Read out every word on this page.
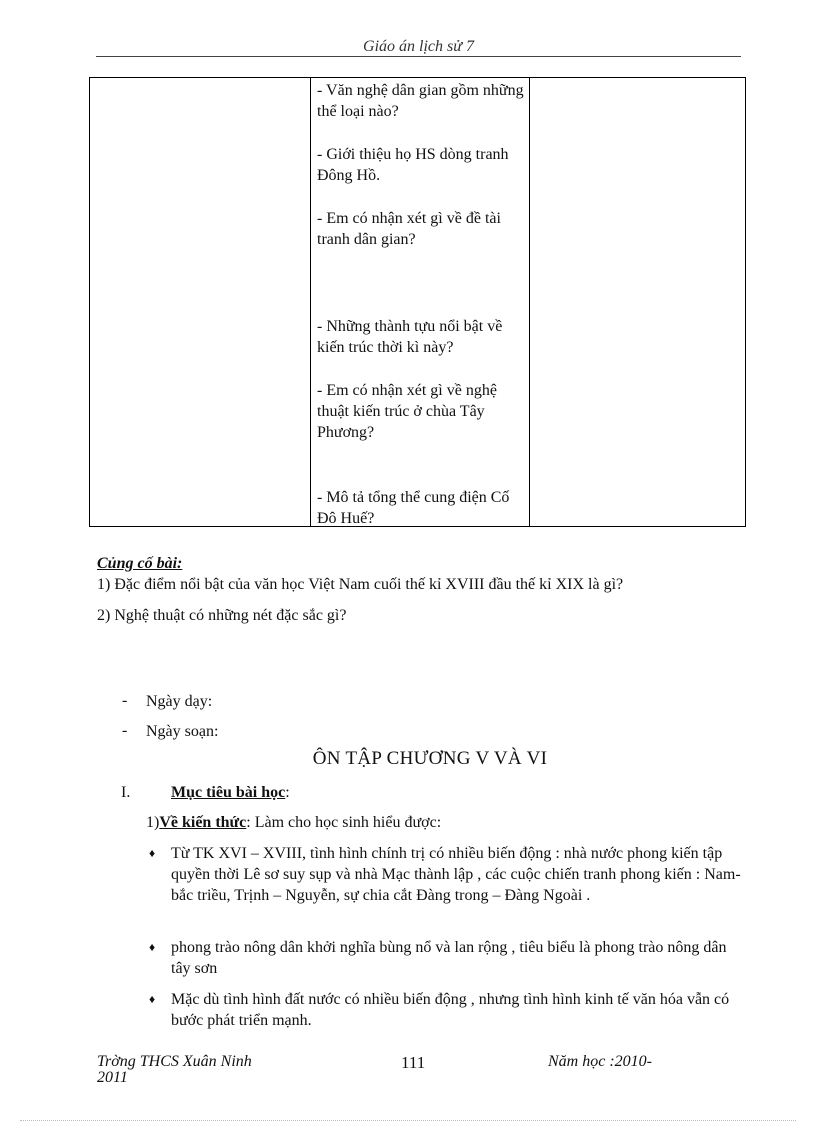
Giáo án lịch sử 7

- Văn nghệ dân gian gồm những thể loại nào?
- Giới thiệu họ HS dòng tranh Đông Hồ.
- Em có nhận xét gì về đề tài tranh dân gian?
- Những thành tựu nổi bật về kiến trúc thời kì này?
- Em có nhận xét gì về nghệ thuật kiến trúc ở chùa Tây Phương?
- Mô tả tổng thể cung điện Cố Đô Huế?

Củng cố bài:
1) Đặc điểm nổi bật của văn học Việt Nam cuối thế kỉ XVIII đầu thế kỉ XIX là gì?
2) Nghệ thuật có những nét đặc sắc gì?
- Ngày dạy:
- Ngày soạn:
ÔN TẬP CHƯƠNG V VÀ VI
I.	Mục tiêu bài học:
1)Về kiến thức: Làm cho học sinh hiểu được:
♦ Từ TK XVI – XVIII, tình hình chính trị có nhiều biến động : nhà nước phong kiến tập quyền thời Lê sơ suy sụp và nhà Mạc thành lập , các cuộc chiến tranh phong kiến : Nam- bắc triều, Trịnh – Nguyễn, sự chia cắt Đàng trong – Đàng Ngoài .
♦ phong trào nông dân khởi nghĩa bùng nổ và lan rộng , tiêu biểu là phong trào nông dân tây sơn
♦ Mặc dù tình hình đất nước có nhiều biến động , nhưng tình hình kinh tế văn hóa vẫn có bước phát triển mạnh.
Trờng THCS Xuân Ninh	111	Năm học :2010-
2011
